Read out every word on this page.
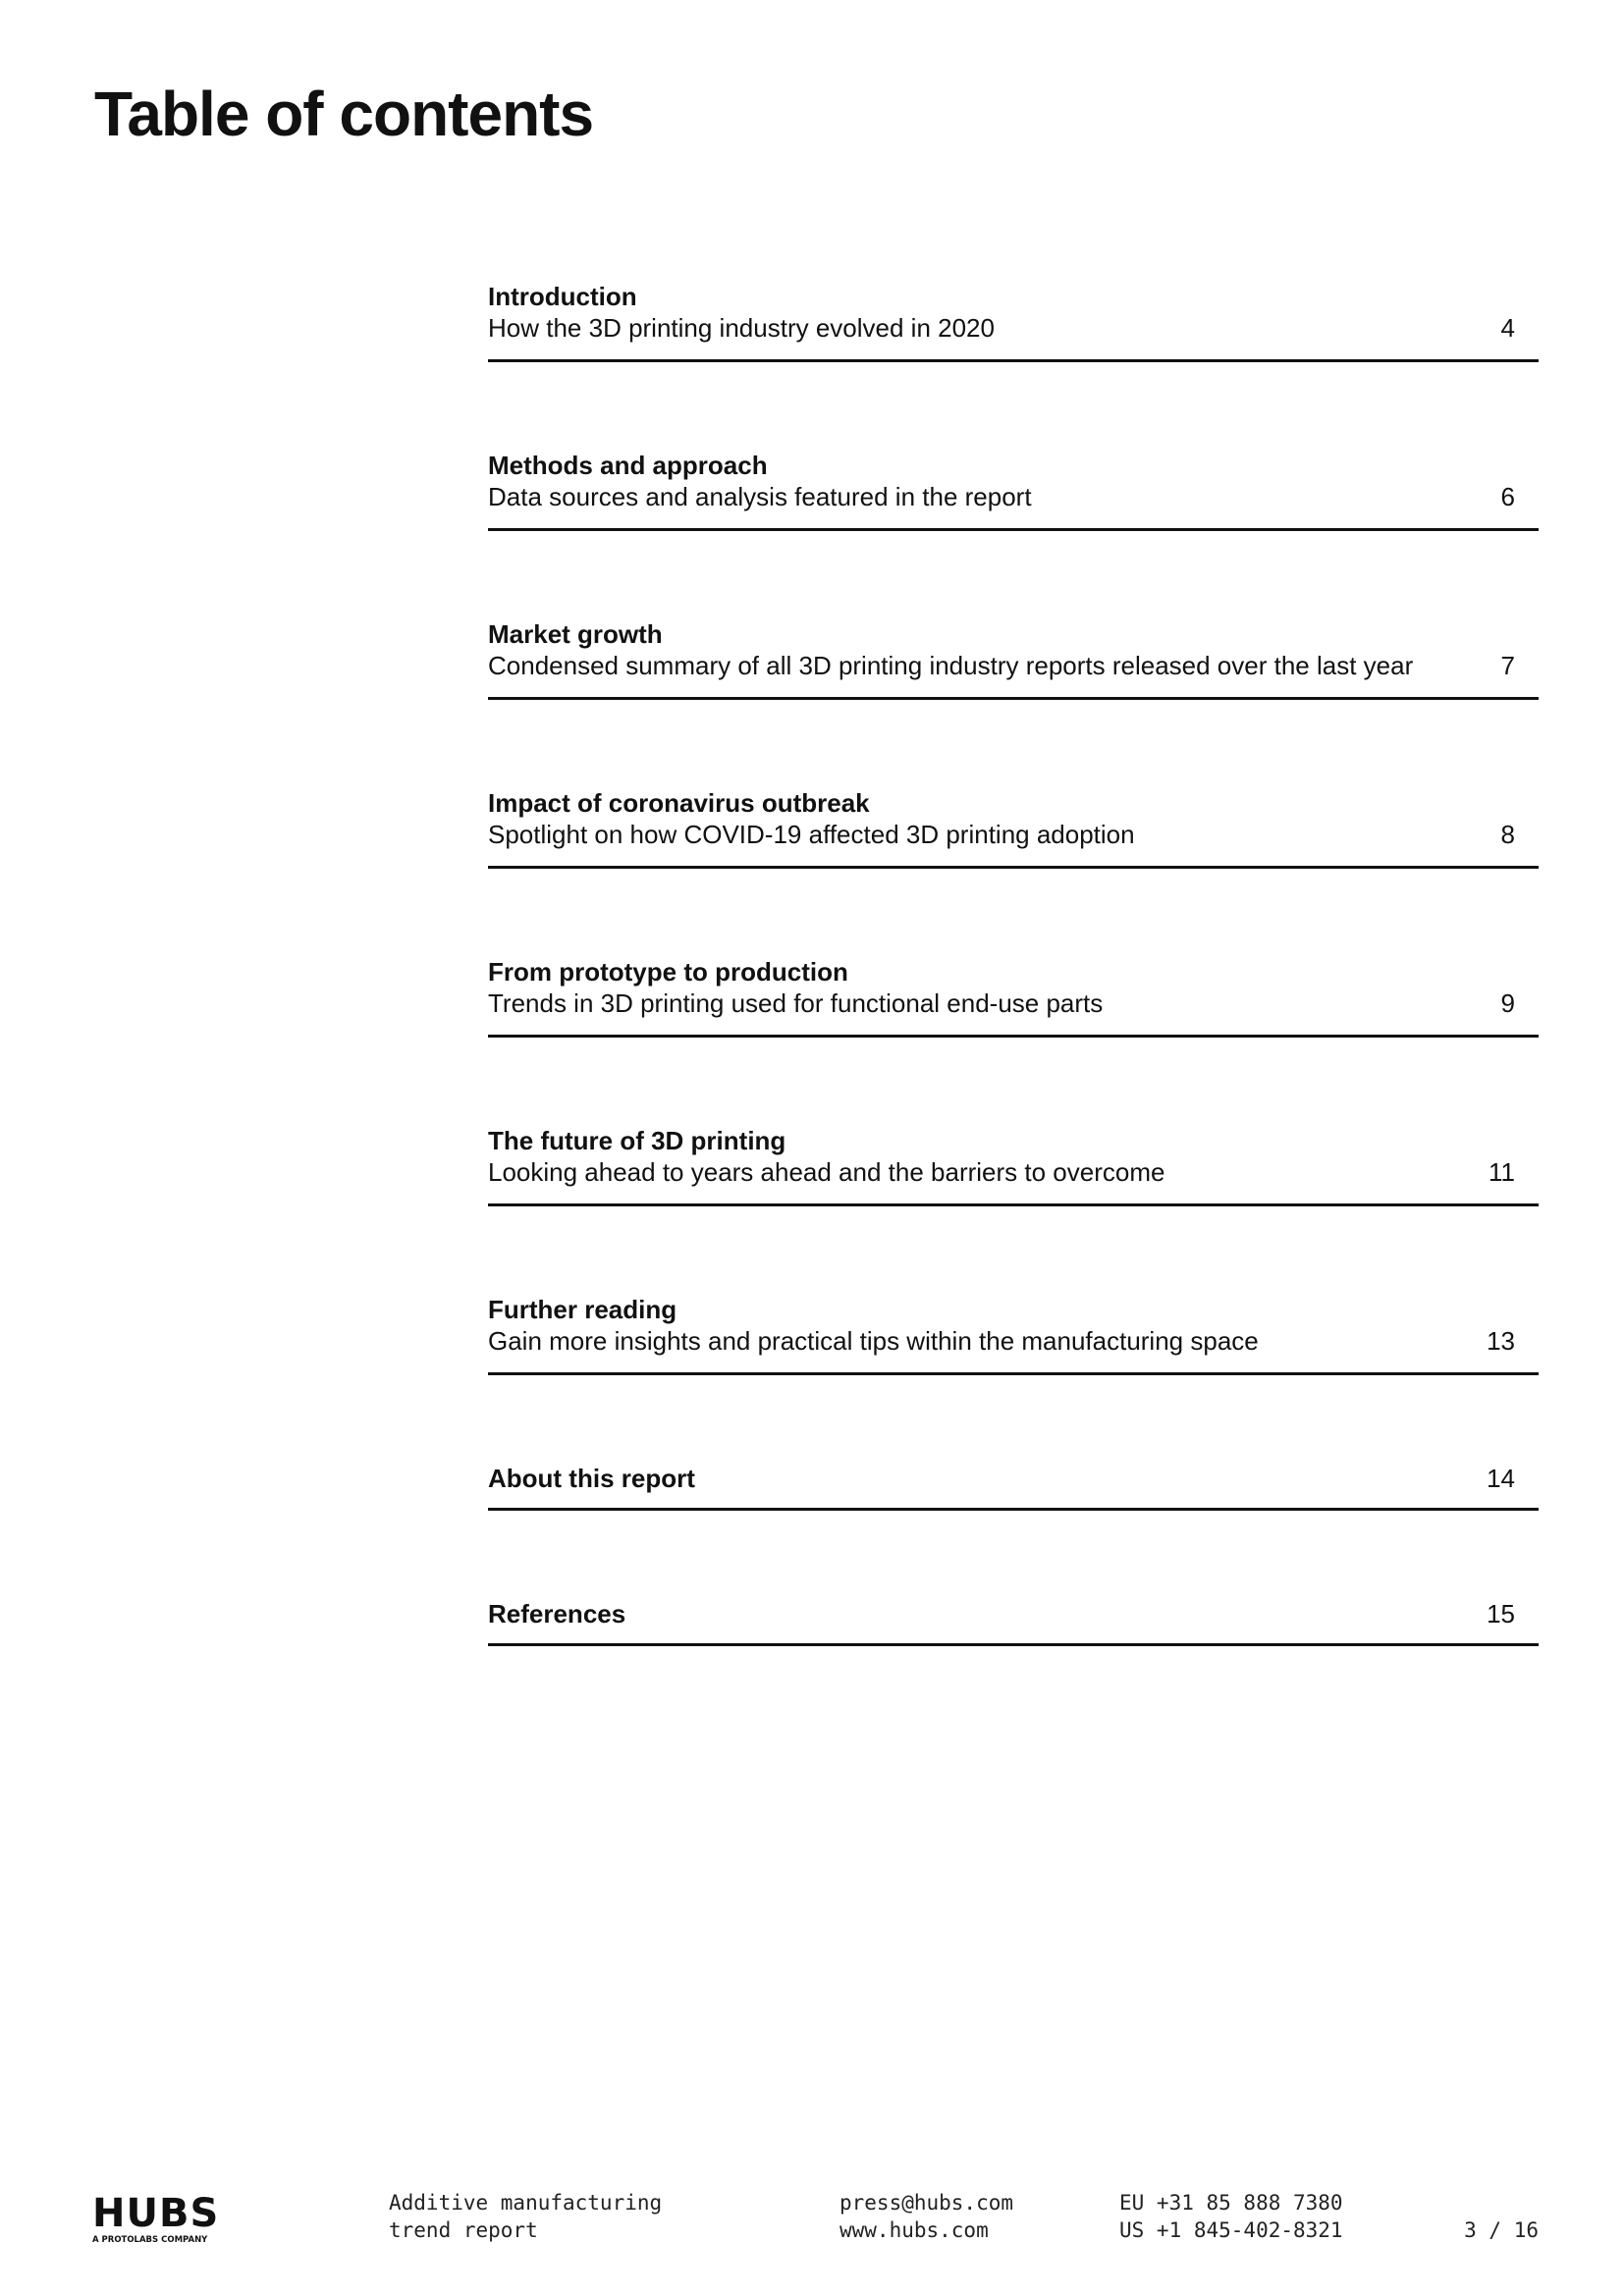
Table of contents
Introduction
How the 3D printing industry evolved in 2020	4
Methods and approach
Data sources and analysis featured in the report	6
Market growth
Condensed summary of all 3D printing industry reports released over the last year	7
Impact of coronavirus outbreak
Spotlight on how COVID-19 affected 3D printing adoption	8
From prototype to production
Trends in 3D printing used for functional end-use parts	9
The future of 3D printing
Looking ahead to years ahead and the barriers to overcome	11
Further reading
Gain more insights and practical tips within the manufacturing space	13
About this report	14
References	15
HUBS
A PROTOLABS COMPANY
Additive manufacturing
trend report
press@hubs.com
www.hubs.com
EU +31 85 888 7380
US +1 845-402-8321	3 / 16
